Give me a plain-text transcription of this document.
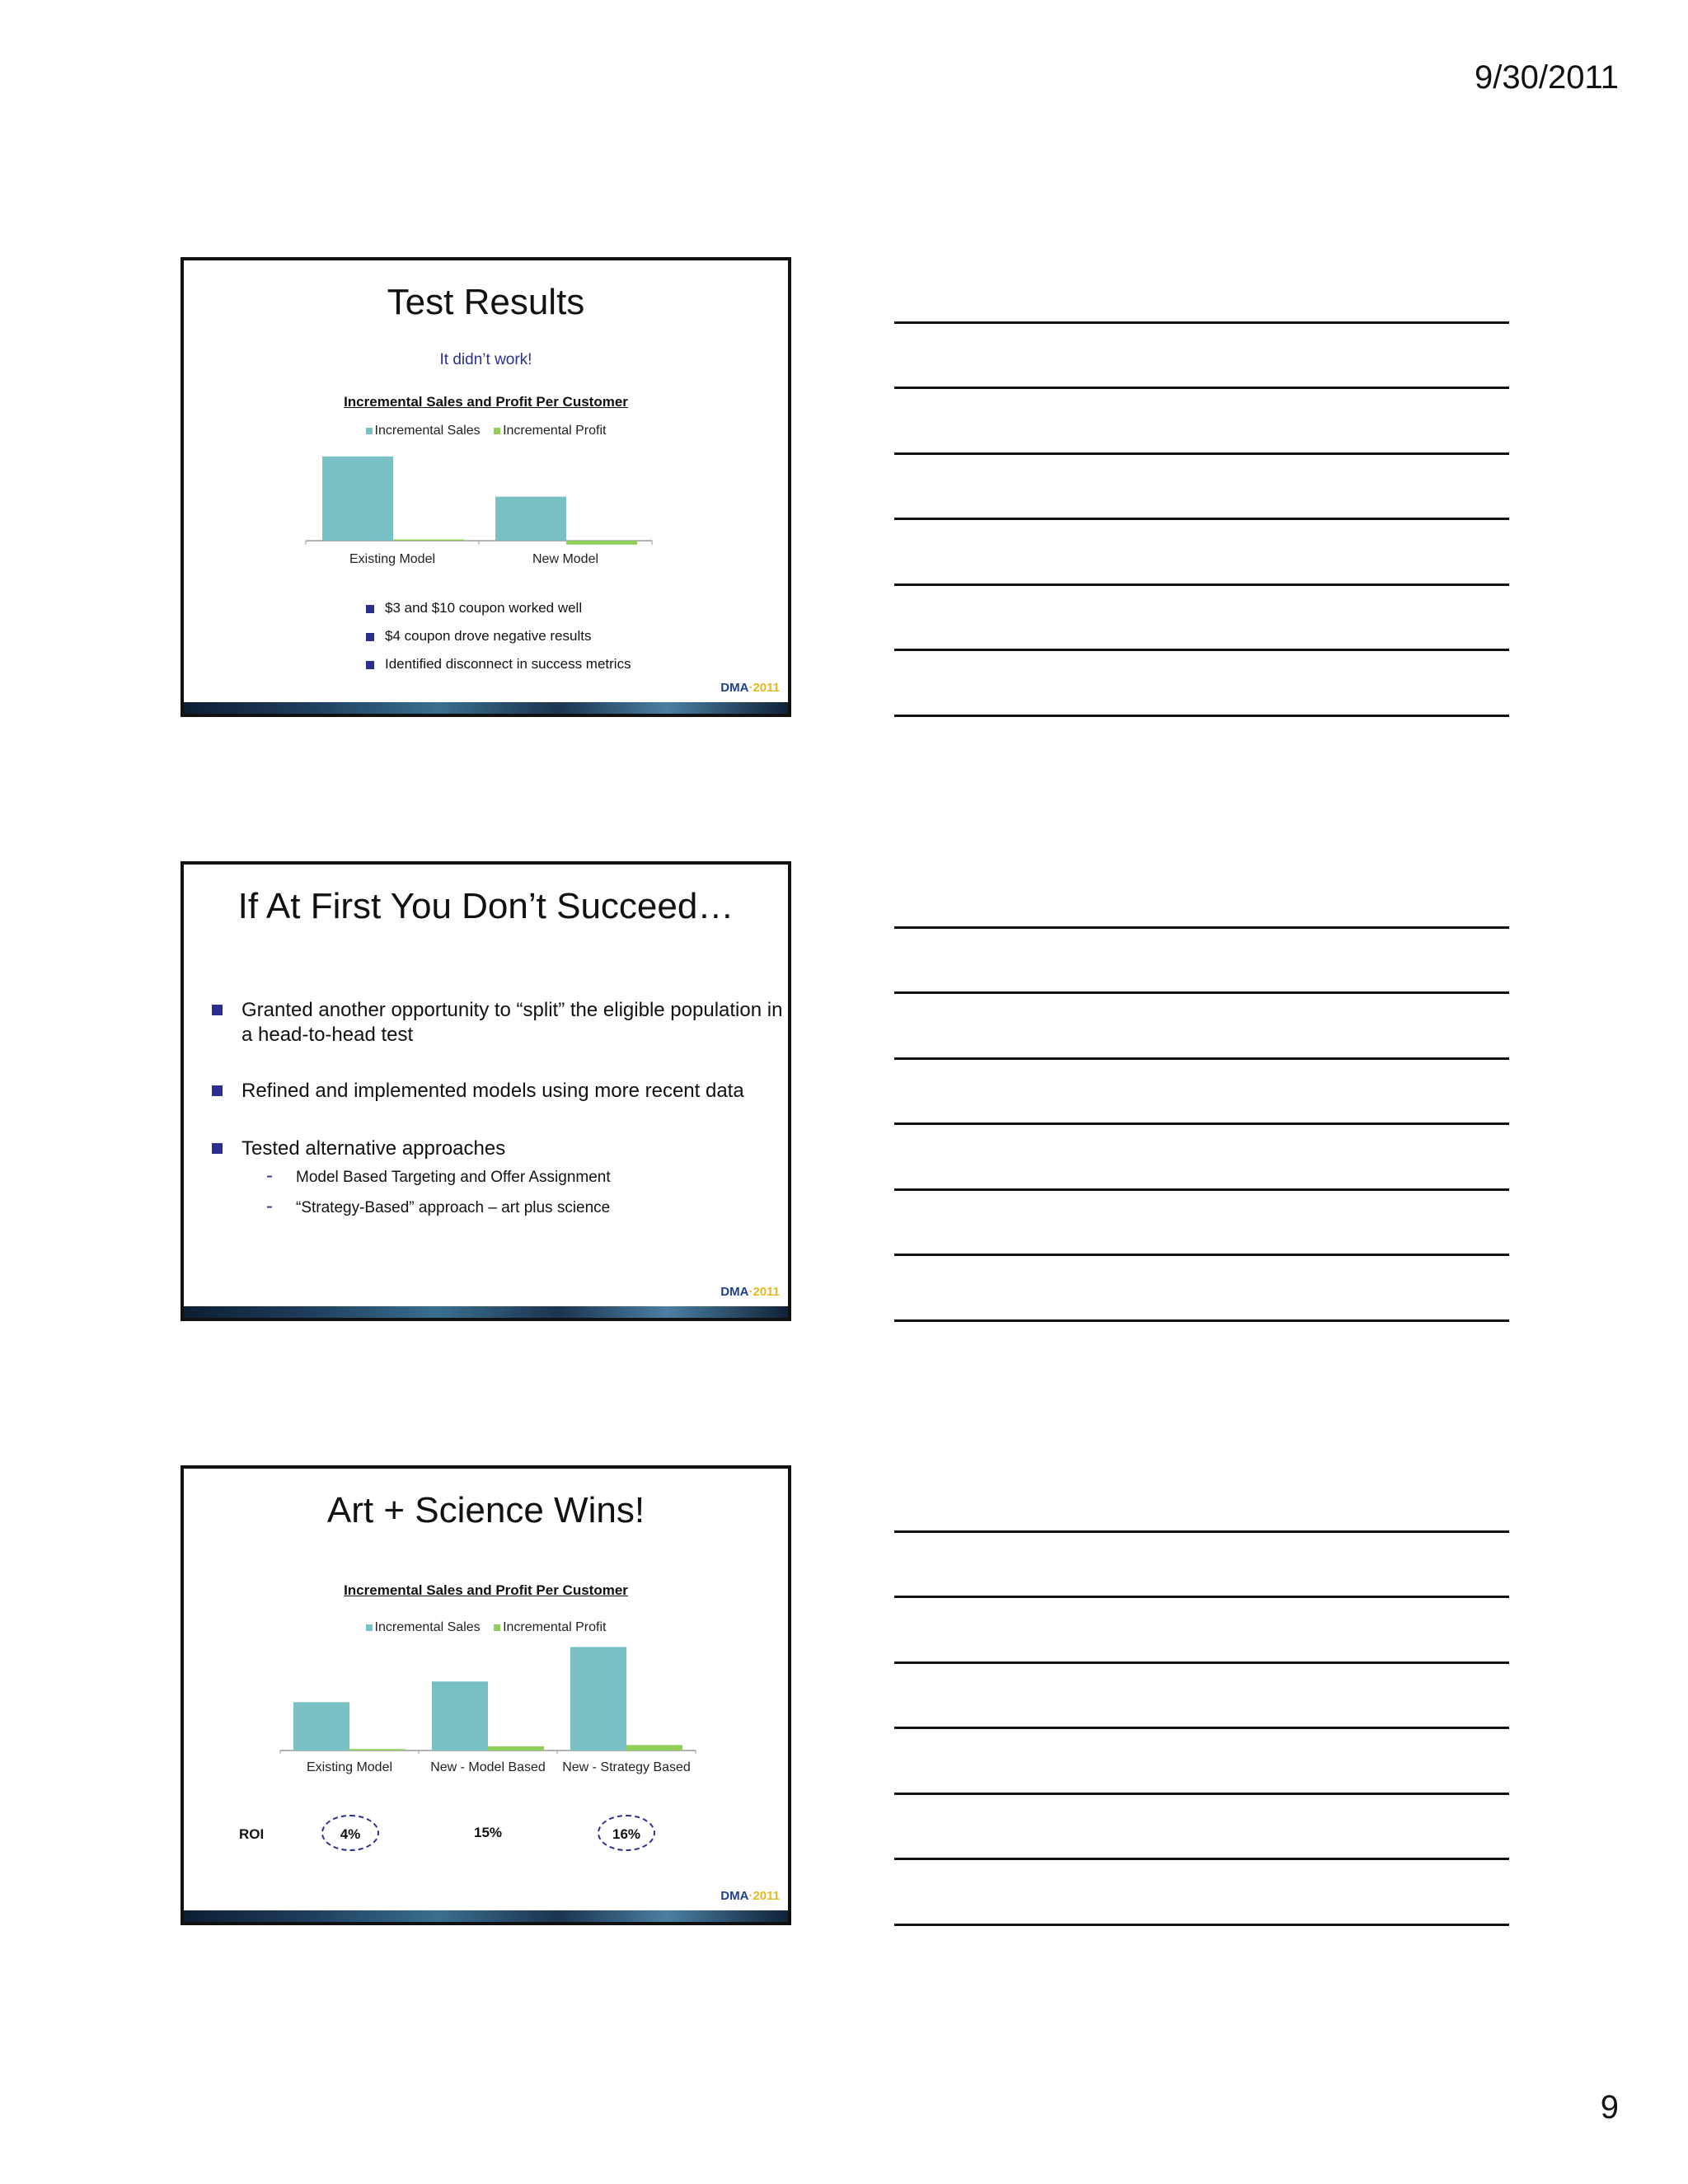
9/30/2011
Test Results
It didn’t work!
Incremental Sales and Profit Per Customer
Incremental Sales Incremental Profit
Existing Model	New Model
$3 and $10 coupon worked well
$4 coupon drove negative results
Identified disconnect in success metrics
DMA·2011
If At First You Don’t Succeed…
Granted another opportunity to “split” the eligible population in a head-to-head test
Refined and implemented models using more recent data
Tested alternative approaches
- Model Based Targeting and Offer Assignment
- “Strategy-Based” approach – art plus science
DMA·2011
Art + Science Wins!
Incremental Sales and Profit Per Customer
Incremental Sales Incremental Profit
Existing Model	New - Model Based	New - Strategy Based
ROI	4%	15%	16%
DMA·2011
9
